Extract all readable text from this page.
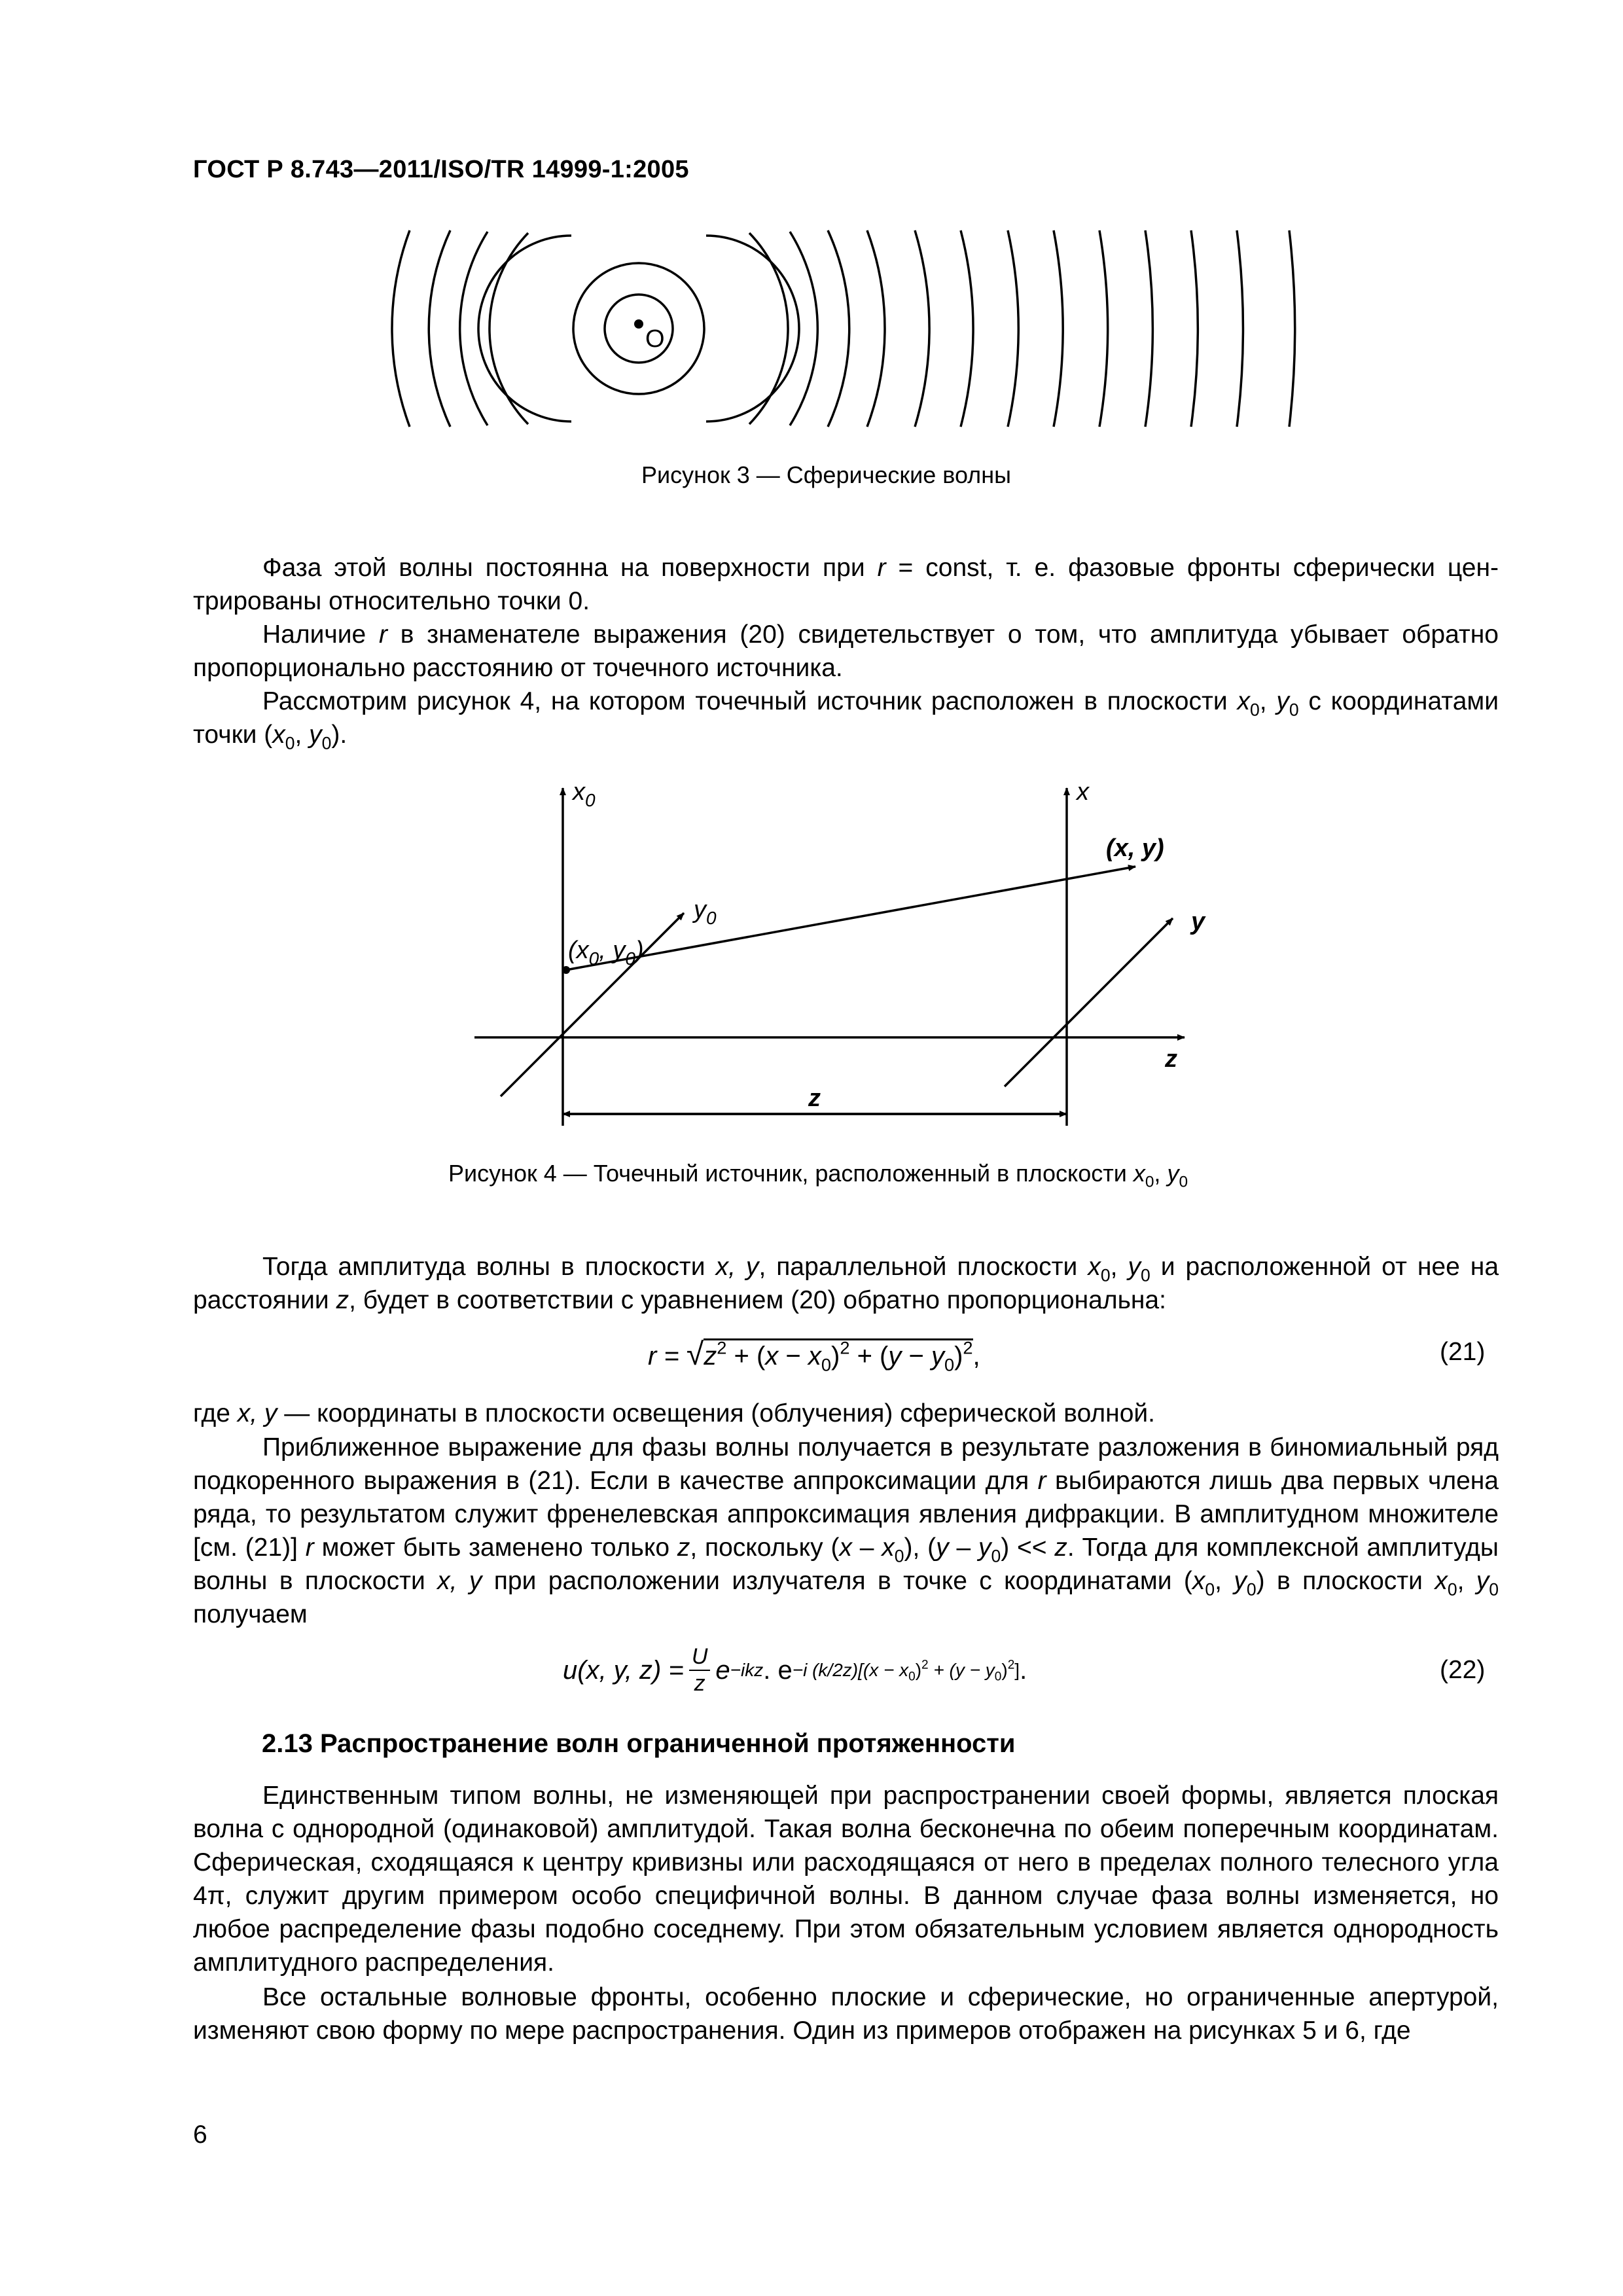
ГОСТ Р 8.743—2011/ISO/TR 14999-1:2005
O
Рисунок 3 — Сферические волны
Фаза этой волны постоянна на поверхности при r = const, т. е. фазовые фронты сферически центрированы относительно точки 0.
Наличие r в знаменателе выражения (20) свидетельствует о том, что амплитуда убывает обратно пропорционально расстоянию от точечного источника.
Рассмотрим рисунок 4, на котором точечный источник расположен в плоскости $x_0$, $y_0$ с координатами точки ($x_0$, $y_0$).
$x_0$	x
(x, y)
$y_0$	y
($x_0$, $y_0$)
z
z
Рисунок 4 — Точечный источник, расположенный в плоскости $x_0$, $y_0$
Тогда амплитуда волны в плоскости x, y, параллельной плоскости $x_0$, $y_0$ и расположенной от нее на расстоянии z, будет в соответствии с уравнением (20) обратно пропорциональна:
$r = √z^2 + (x - x_0)^2 + (y - y_0)^2$,	(21)
где x, y — координаты в плоскости освещения (облучения) сферической волной.
Приближенное выражение для фазы волны получается в результате разложения в биномиальный ряд подкоренного выражения в (21). Если в качестве аппроксимации для r выбираются лишь два первых члена ряда, то результатом служит френелевская аппроксимация явления дифракции. В амплитудном множителе [см. (21)] r может быть заменено только z, поскольку $(x - x_0)$, $(y - y_0) << z$. Тогда для комплексной амплитуды волны в плоскости x, y при расположении излучателя в точке с координатами ($x_0$, $y_0$) в плоскости $x_0$, $y_0$ получаем
u (x, y, $z) = \frac{U}{z}$ e −ikz . e −i $(k/2z)[(x - x_0)^2 + (y - y_0)^2]$ .	(22)
2.13 Распространение волн ограниченной протяженности
Единственным типом волны, не изменяющей при распространении своей формы, является плоская волна с однородной (одинаковой) амплитудой. Такая волна бесконечна по обеим поперечным координатам. Сферическая, сходящаяся к центру кривизны или расходящаяся от него в пределах полного телесного угла 4π, служит другим примером особо специфичной волны. В данном случае фаза волны изменяется, но любое распределение фазы подобно соседнему. При этом обязательным условием является однородность амплитудного распределения.
Все остальные волновые фронты, особенно плоские и сферические, но ограниченные апертурой, изменяют свою форму по мере распространения. Один из примеров отображен на рисунках 5 и 6, где
6
